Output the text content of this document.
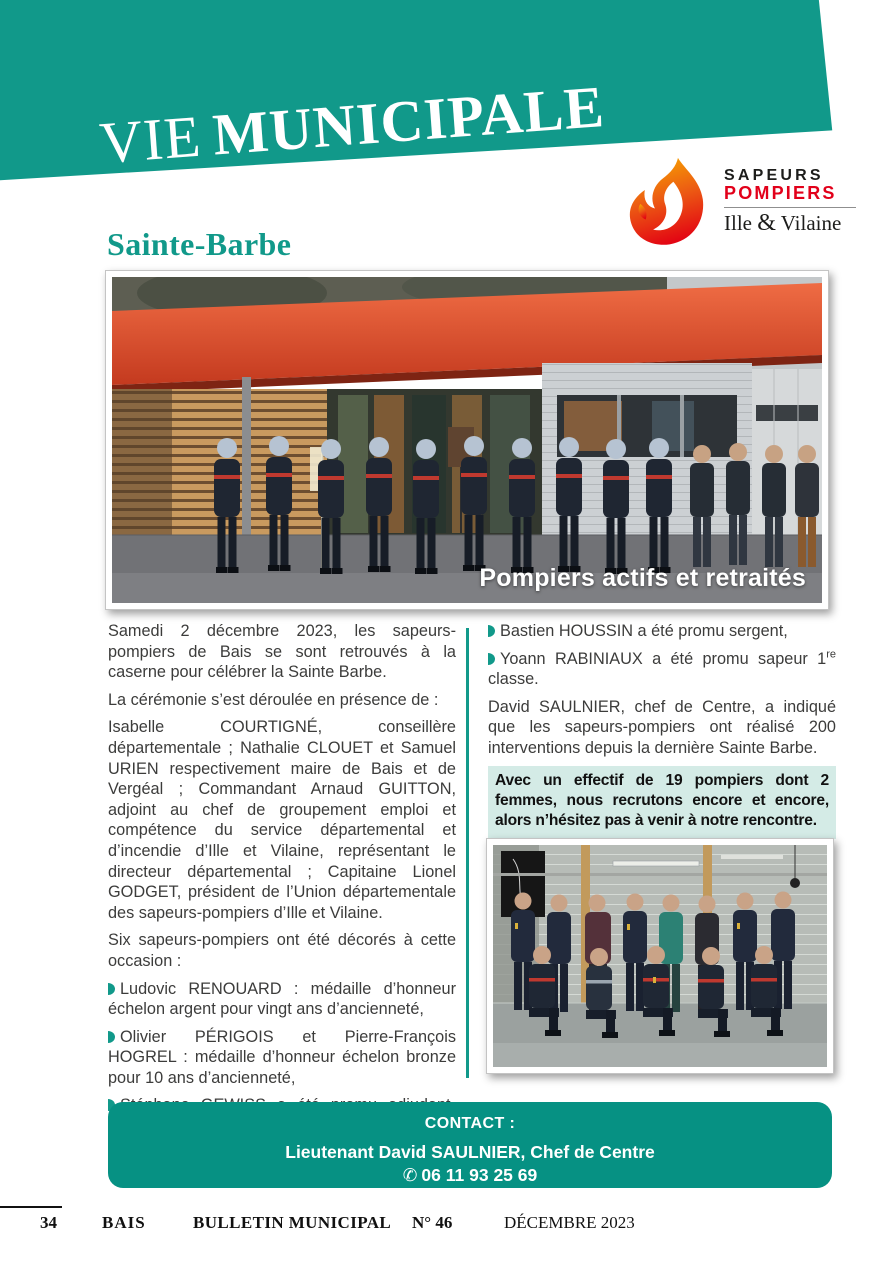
VIE MUNICIPALE
SAPEURS
POMPIERS
Ille & Vilaine
Sainte-Barbe
Pompiers actifs et retraités

Samedi 2 décembre 2023, les sapeurs-pompiers de Bais se sont retrouvés à la caserne pour célébrer la Sainte Barbe.

La cérémonie s’est déroulée en présence de :

Isabelle COURTIGNÉ, conseillère départementale ; Nathalie CLOUET et Samuel URIEN respectivement maire de Bais et de Vergéal ; Commandant Arnaud GUITTON, adjoint au chef de groupement emploi et compétence du service départemental et d’incendie d’Ille et Vilaine, représentant le directeur départemental ; Capitaine Lionel GODGET, président de l’Union départementale des sapeurs-pompiers d’Ille et Vilaine.

Six sapeurs-pompiers ont été décorés à cette occasion :

Ludovic RENOUARD : médaille d’honneur échelon argent pour vingt ans d’ancienneté,

Olivier PÉRIGOIS et Pierre-François HOGREL : médaille d’honneur échelon bronze pour 10 ans d’ancienneté,

Bastien HOUSSIN a été promu sergent,

Yoann RABINIAUX a été promu sapeur 1re classe.

David SAULNIER, chef de Centre, a indiqué que les sapeurs-pompiers ont réalisé 200 interventions depuis la dernière Sainte Barbe.

Avec un effectif de 19 pompiers dont 2 femmes, nous recrutons encore et encore, alors n’hésitez pas à venir à notre rencontre.

CONTACT :
Lieutenant David SAULNIER, Chef de Centre
✆ 06 11 93 25 69
34	BAIS	BULLETIN MUNICIPAL N° 46	DÉCEMBRE 2023
